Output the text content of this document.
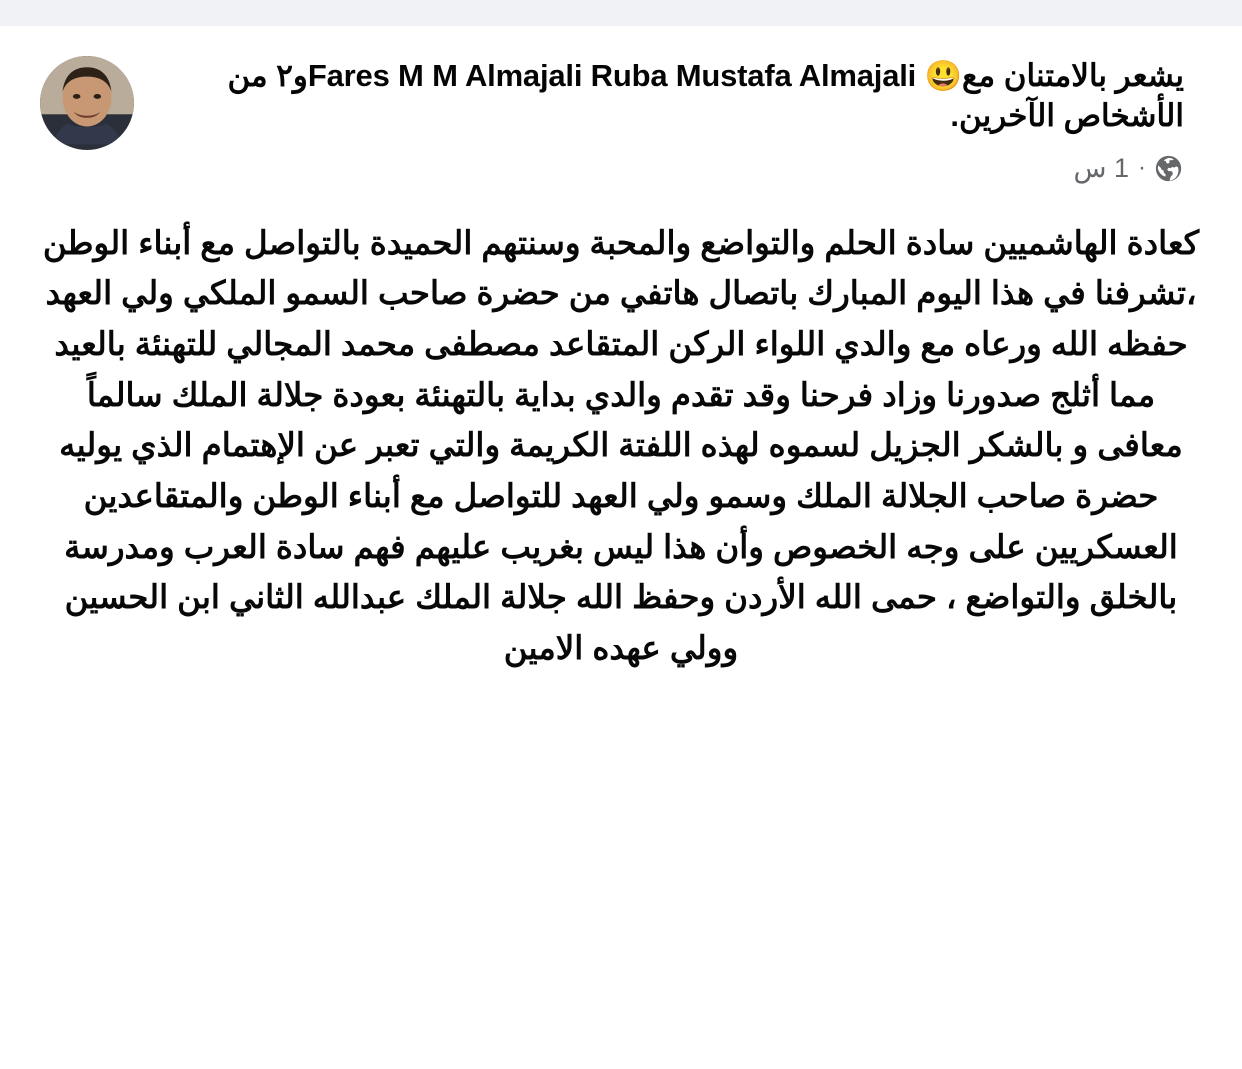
يشعر بالامتنان مع😃 Fares M M Almajali Ruba Mustafa Almajaliو٢ من الأشخاص الآخرين.
·
1 س
كعادة الهاشميين سادة الحلم والتواضع والمحبة وسنتهم الحميدة بالتواصل مع أبناء الوطن ،تشرفنا في هذا اليوم المبارك باتصال هاتفي من حضرة صاحب السمو الملكي ولي العهد حفظه الله ورعاه مع والدي اللواء الركن المتقاعد مصطفى محمد المجالي للتهنئة بالعيد مما أثلج صدورنا وزاد فرحنا وقد تقدم والدي بداية بالتهنئة بعودة جلالة الملك سالماً معافى و بالشكر الجزيل لسموه لهذه اللفتة الكريمة والتي تعبر عن الإهتمام الذي يوليه حضرة صاحب الجلالة الملك وسمو ولي العهد للتواصل مع أبناء الوطن والمتقاعدين العسكريين على وجه الخصوص وأن هذا ليس بغريب عليهم فهم سادة العرب ومدرسة بالخلق والتواضع ، حمى الله الأردن وحفظ الله جلالة الملك عبدالله الثاني ابن الحسين وولي عهده الامين
